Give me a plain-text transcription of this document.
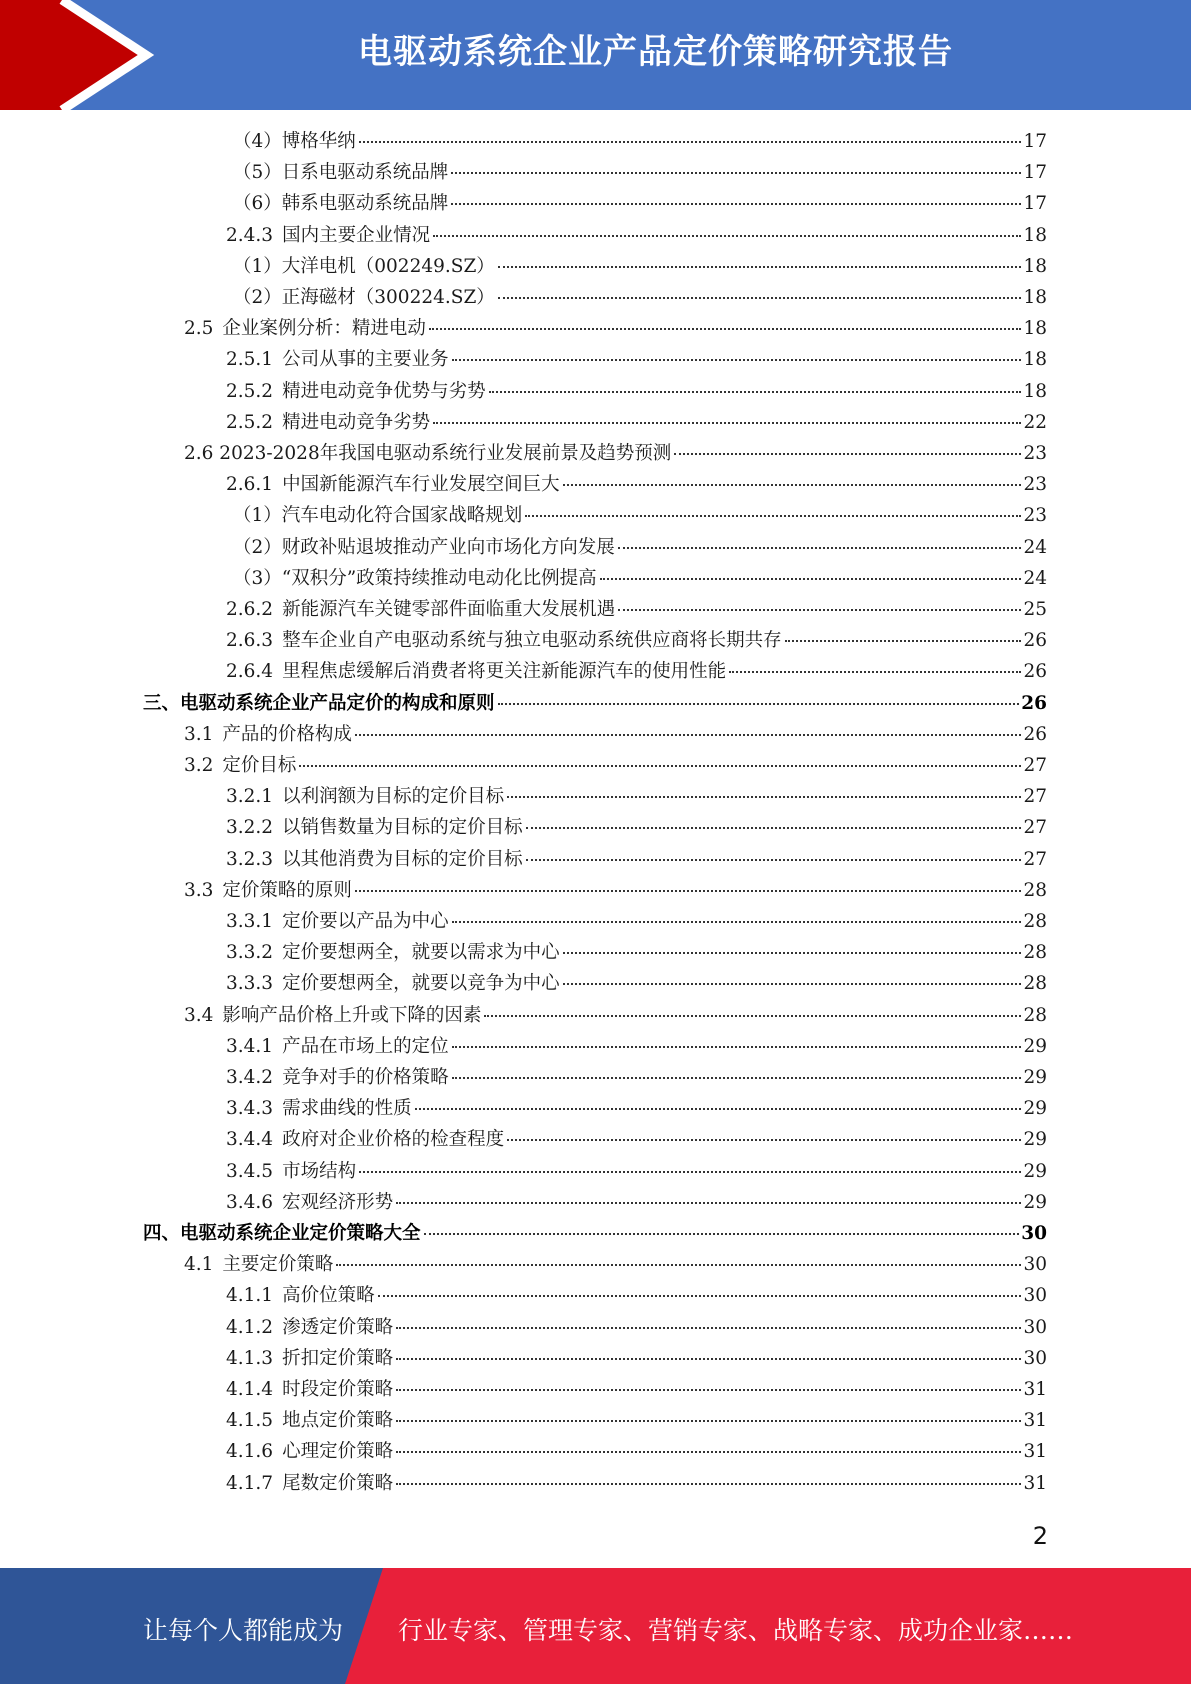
电驱动系统企业产品定价策略研究报告
（4）博格华纳	17
（5）日系电驱动系统品牌	17
（6）韩系电驱动系统品牌	17
2.4.3 国内主要企业情况	18
（1）大洋电机（002249.SZ）	18
（2）正海磁材（300224.SZ）	18
2.5 企业案例分析：精进电动	18
2.5.1 公司从事的主要业务	18
2.5.2 精进电动竞争优势与劣势	18
2.5.2 精进电动竞争劣势	22
2.6 2023-2028年我国电驱动系统行业发展前景及趋势预测	23
2.6.1 中国新能源汽车行业发展空间巨大	23
（1）汽车电动化符合国家战略规划	23
（2）财政补贴退坡推动产业向市场化方向发展	24
（3）“双积分”政策持续推动电动化比例提高	24
2.6.2 新能源汽车关键零部件面临重大发展机遇	25
2.6.3 整车企业自产电驱动系统与独立电驱动系统供应商将长期共存	26
2.6.4 里程焦虑缓解后消费者将更关注新能源汽车的使用性能	26
三、电驱动系统企业产品定价的构成和原则	26
3.1 产品的价格构成	26
3.2 定价目标	27
3.2.1 以利润额为目标的定价目标	27
3.2.2 以销售数量为目标的定价目标	27
3.2.3 以其他消费为目标的定价目标	27
3.3 定价策略的原则	28
3.3.1 定价要以产品为中心	28
3.3.2 定价要想两全，就要以需求为中心	28
3.3.3 定价要想两全，就要以竞争为中心	28
3.4 影响产品价格上升或下降的因素	28
3.4.1 产品在市场上的定位	29
3.4.2 竞争对手的价格策略	29
3.4.3 需求曲线的性质	29
3.4.4 政府对企业价格的检查程度	29
3.4.5 市场结构	29
3.4.6 宏观经济形势	29
四、电驱动系统企业定价策略大全	30
4.1 主要定价策略	30
4.1.1 高价位策略	30
4.1.2 渗透定价策略	30
4.1.3 折扣定价策略	30
4.1.4 时段定价策略	31
4.1.5 地点定价策略	31
4.1.6 心理定价策略	31
4.1.7 尾数定价策略	31
2
让每个人都能成为 行业专家、管理专家、营销专家、战略专家、成功企业家……
